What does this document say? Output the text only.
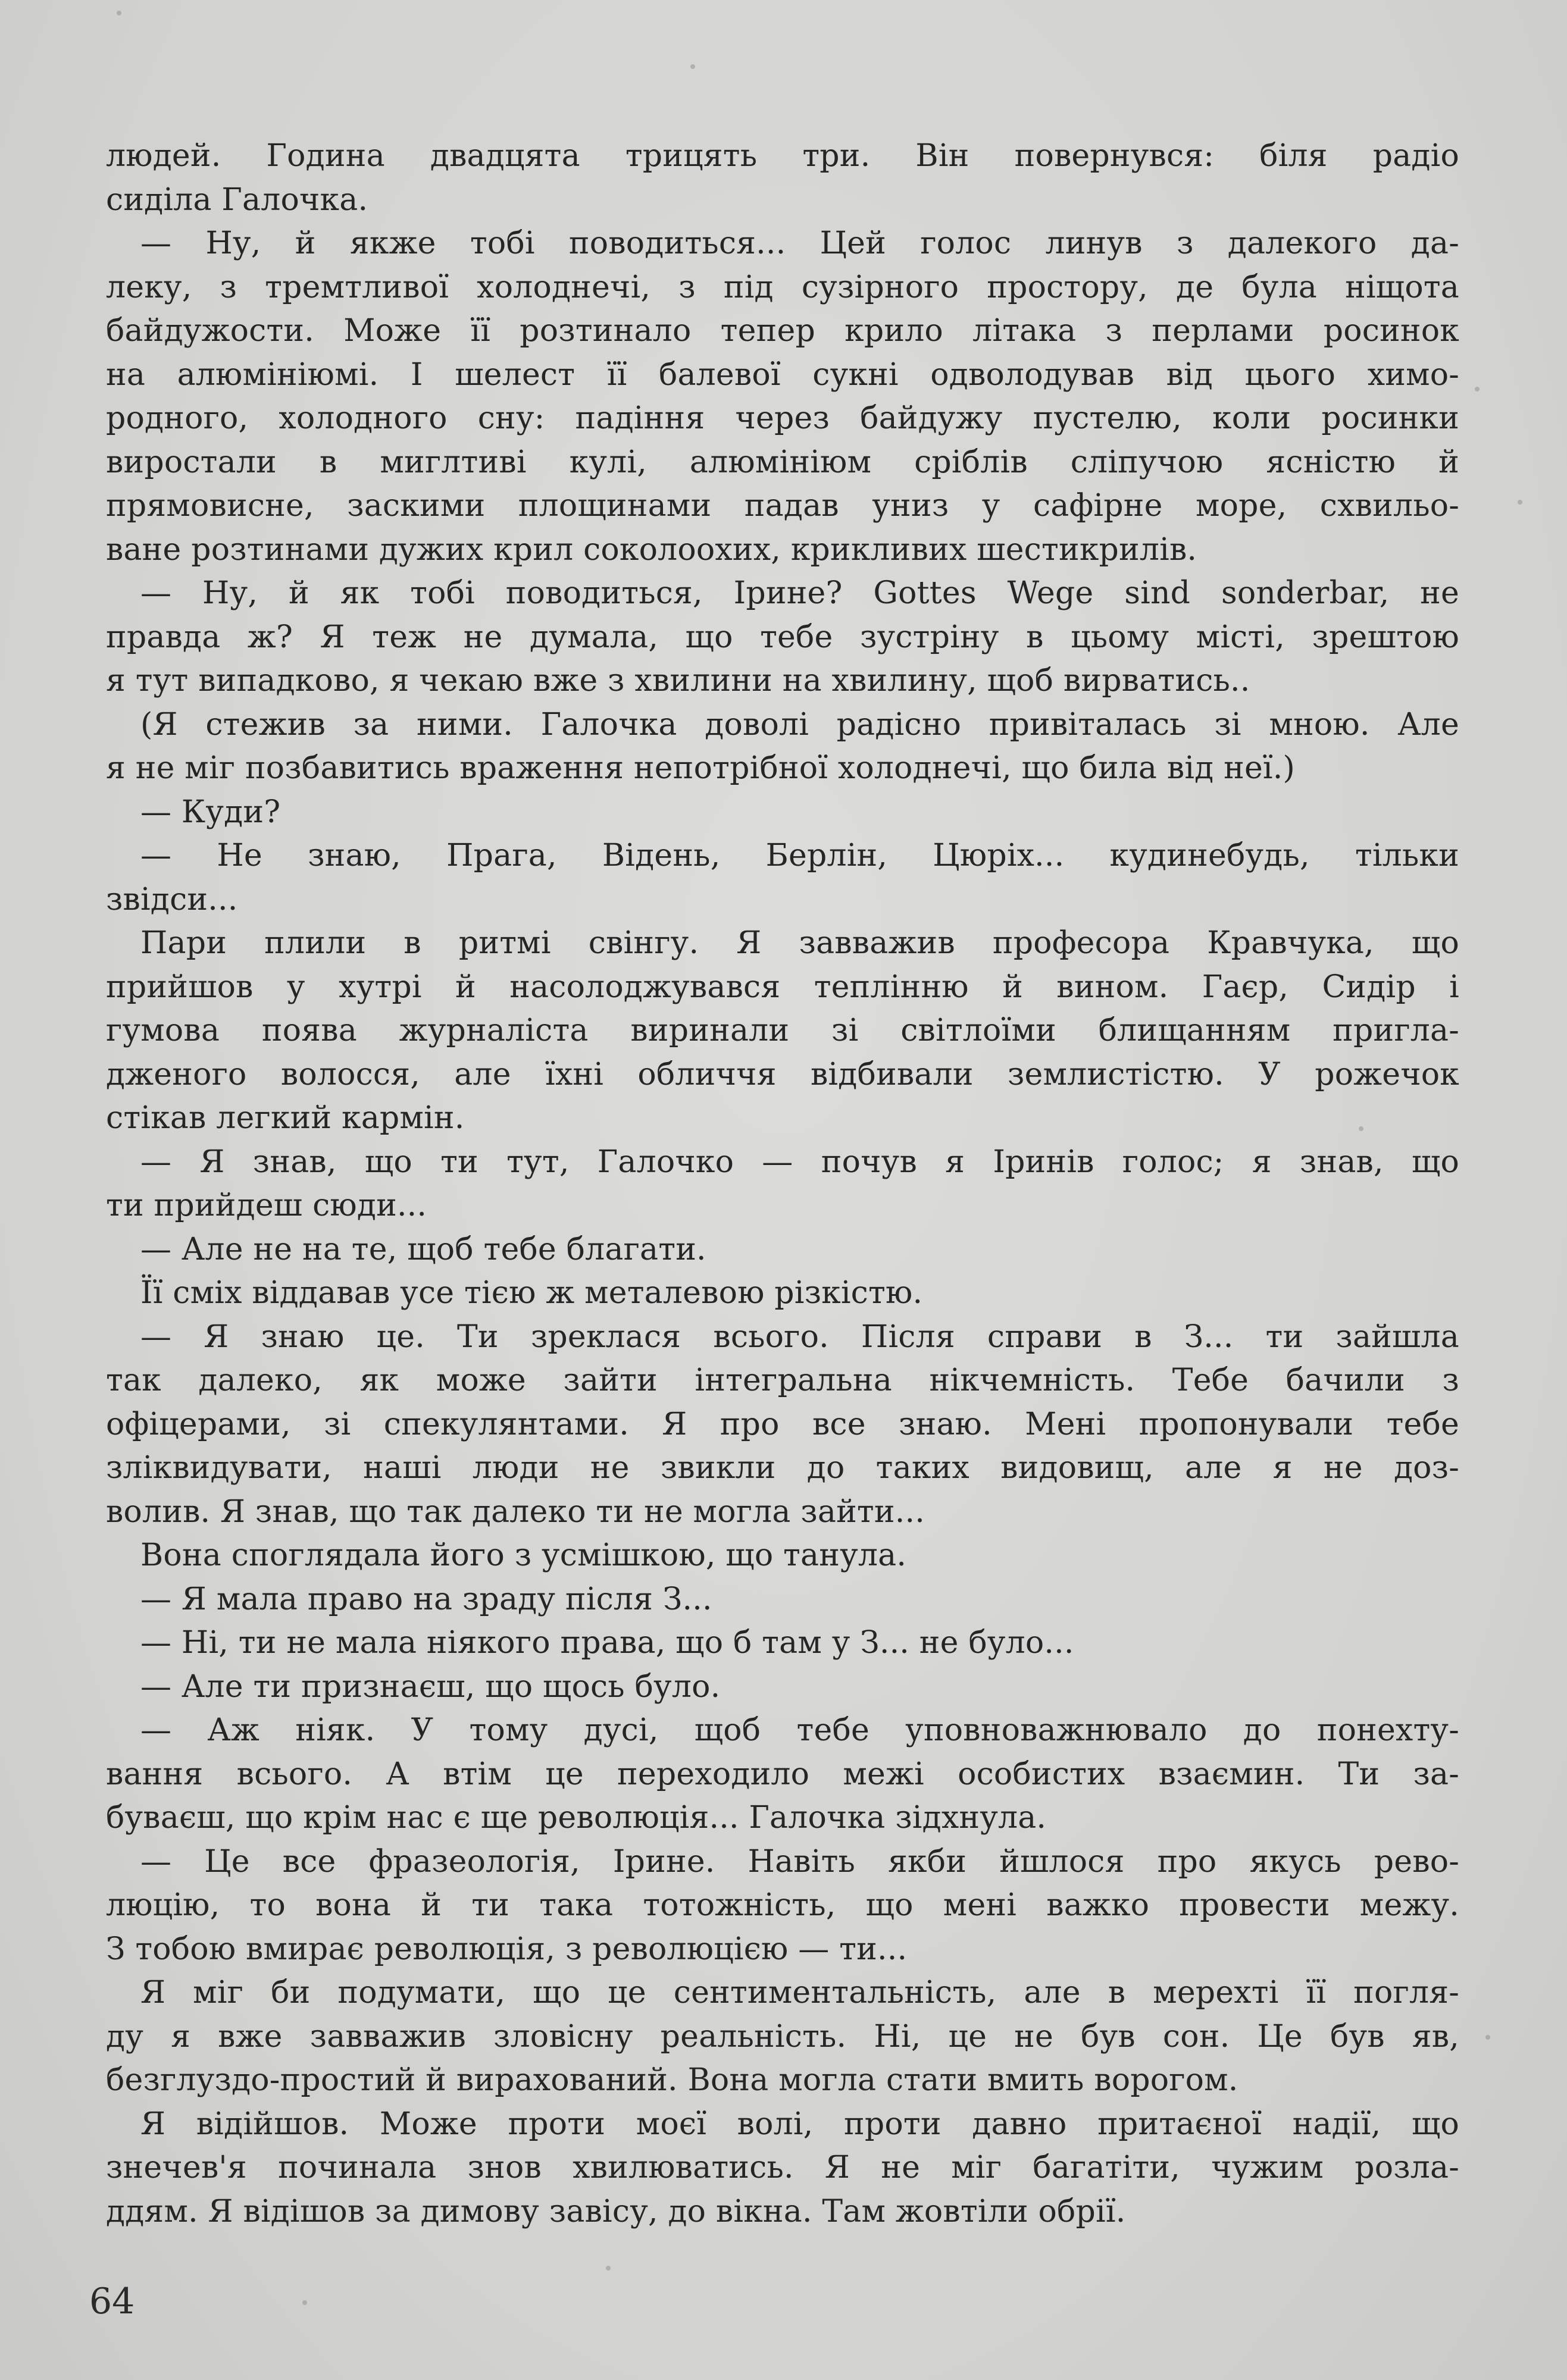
людей. Година двадцята трицять три. Він повернувся: біля радіо
сиділа Галочка.
— Ну, й якже тобі поводиться... Цей голос линув з далекого да-
леку, з тремтливої холоднечі, з під сузірного простору, де була ніщота
байдужости. Може її розтинало тепер крило літака з перлами росинок
на алюмініюмі. І шелест її балевої сукні одволодував від цього химо-
родного, холодного сну: падіння через байдужу пустелю, коли росинки
виростали в миглтиві кулі, алюмініюм сріблів сліпучою ясністю й
прямовисне, заскими площинами падав униз у сафірне море, схвильо-
ване розтинами дужих крил соколоохих, крикливих шестикрилів.
— Ну, й як тобі поводиться, Ірине? Gottes Wege sind sonderbar, не
правда ж? Я теж не думала, що тебе зустріну в цьому місті, зрештою
я тут випадково, я чекаю вже з хвилини на хвилину, щоб вирватись..
(Я стежив за ними. Галочка доволі радісно привіталась зі мною. Але
я не міг позбавитись враження непотрібної холоднечі, що била від неї.)
— Куди?
— Не знаю, Прага, Відень, Берлін, Цюріх... кудинебудь, тільки
звідси...
Пари плили в ритмі свінгу. Я завважив професора Кравчука, що
прийшов у хутрі й насолоджувався теплінню й вином. Гаєр, Сидір і
гумова поява журналіста виринали зі світлоїми блищанням пригла-
дженого волосся, але їхні обличчя відбивали землистістю. У рожечок
стікав легкий кармін.
— Я знав, що ти тут, Галочко — почув я Іринів голос; я знав, що
ти прийдеш сюди...
— Але не на те, щоб тебе благати.
Її сміх віддавав усе тією ж металевою різкістю.
— Я знаю це. Ти зреклася всього. Після справи в З... ти зайшла
так далеко, як може зайти інтегральна нікчемність. Тебе бачили з
офіцерами, зі спекулянтами. Я про все знаю. Мені пропонували тебе
зліквидувати, наші люди не звикли до таких видовищ, але я не доз-
волив. Я знав, що так далеко ти не могла зайти...
Вона споглядала його з усмішкою, що танула.
— Я мала право на зраду після З...
— Ні, ти не мала ніякого права, що б там у З... не було...
— Але ти признаєш, що щось було.
— Аж ніяк. У тому дусі, щоб тебе уповноважнювало до понехту-
вання всього. А втім це переходило межі особистих взаємин. Ти за-
буваєш, що крім нас є ще революція... Галочка зідхнула.
— Це все фразеологія, Ірине. Навіть якби йшлося про якусь рево-
люцію, то вона й ти така тотожність, що мені важко провести межу.
З тобою вмирає революція, з революцією — ти...
Я міг би подумати, що це сентиментальність, але в мерехті її погля-
ду я вже завважив зловісну реальність. Ні, це не був сон. Це був яв,
безглуздо-простий й вирахований. Вона могла стати вмить ворогом.
Я відійшов. Може проти моєї волі, проти давно притаєної надії, що
знечев'я починала знов хвилюватись. Я не міг багатіти, чужим розла-
ддям. Я відішов за димову завісу, до вікна. Там жовтіли обрії.
64
